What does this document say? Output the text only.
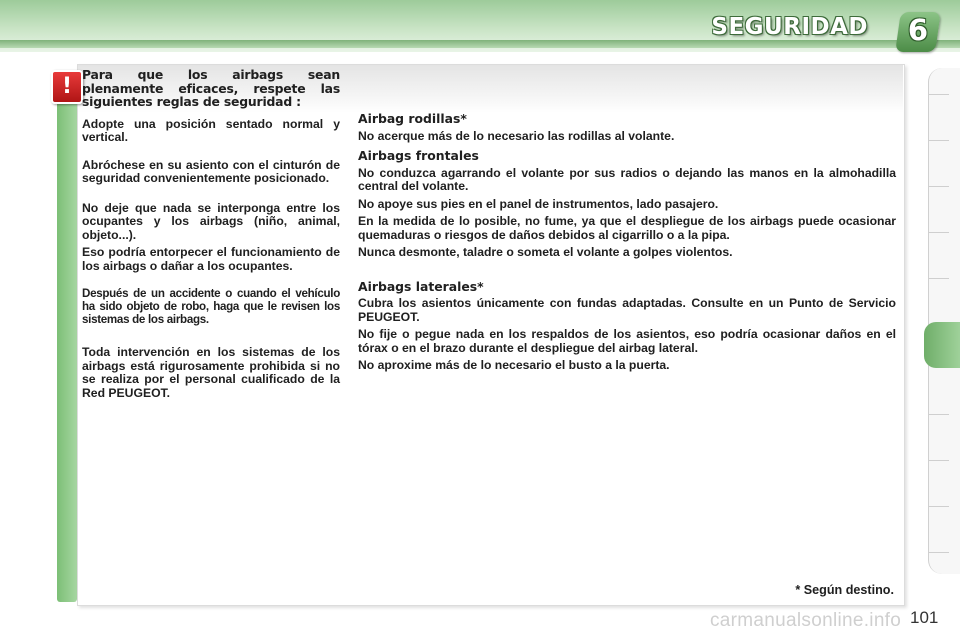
SEGURIDAD	6
! Para que los airbags sean plenamente eficaces, respete las siguientes reglas de seguridad :

Adopte una posición sentado normal y vertical.

Abróchese en su asiento con el cinturón de seguridad convenientemente posicionado.

No deje que nada se interponga entre los ocupantes y los airbags (niño, animal, objeto...).

Eso podría entorpecer el funcionamiento de los airbags o dañar a los ocupantes.

Después de un accidente o cuando el vehículo ha sido objeto de robo, haga que le revisen los sistemas de los airbags.

Toda intervención en los sistemas de los airbags está rigurosamente prohibida si no se realiza por el personal cualificado de la Red PEUGEOT.

Airbag rodillas*

No acerque más de lo necesario las rodillas al volante.

Airbags frontales

No conduzca agarrando el volante por sus radios o dejando las manos en la almohadilla central del volante.

No apoye sus pies en el panel de instrumentos, lado pasajero.

En la medida de lo posible, no fume, ya que el despliegue de los airbags puede ocasionar quemaduras o riesgos de daños debidos al cigarrillo o a la pipa.

Nunca desmonte, taladre o someta el volante a golpes violentos.

Airbags laterales*

Cubra los asientos únicamente con fundas adaptadas. Consulte en un Punto de Servicio PEUGEOT.

No fije o pegue nada en los respaldos de los asientos, eso podría ocasionar daños en el tórax o en el brazo durante el despliegue del airbag lateral.

No aproxime más de lo necesario el busto a la puerta.

* Según destino.
carmanualsonline.info 101
